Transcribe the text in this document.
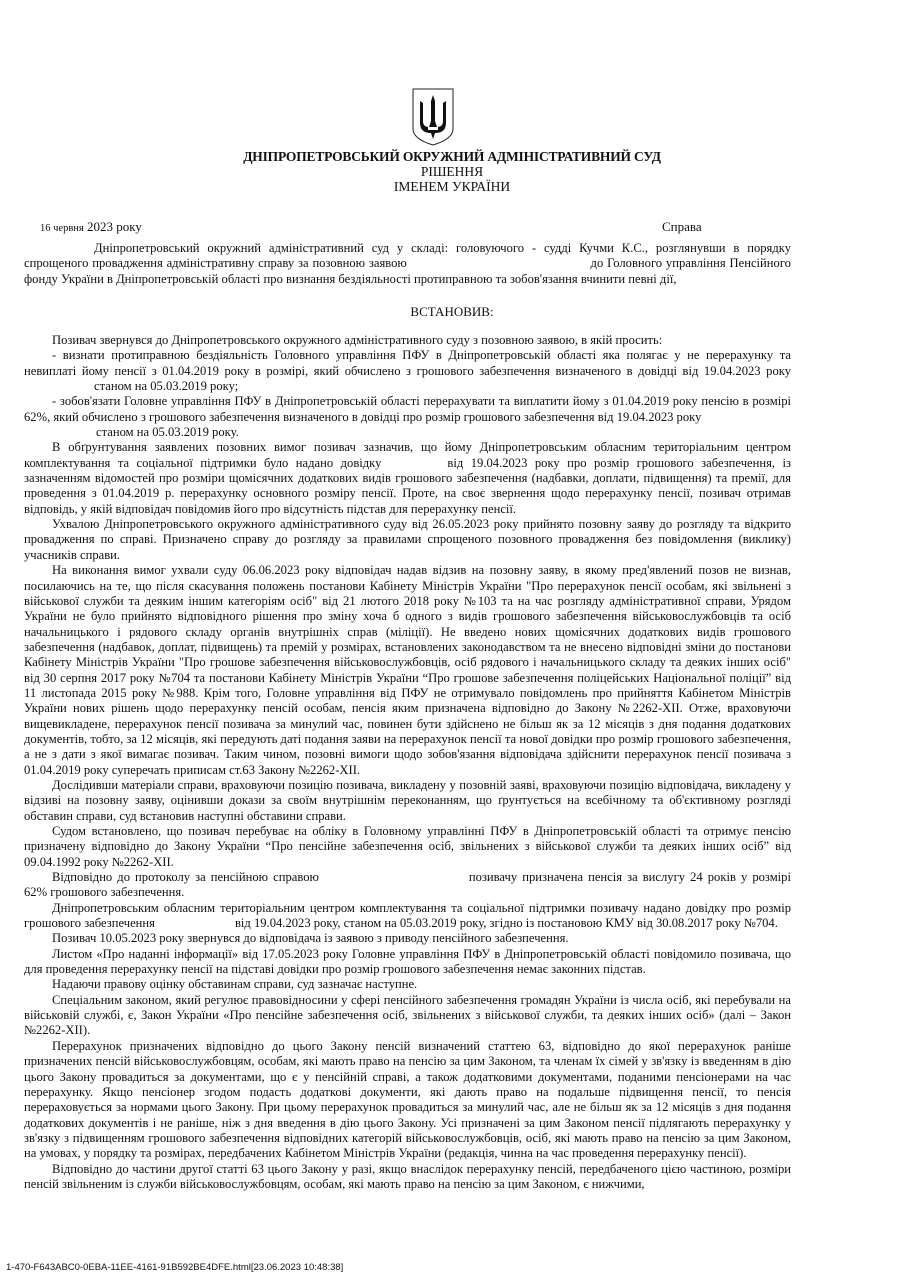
ДНІПРОПЕТРОВСЬКИЙ ОКРУЖНИЙ АДМІНІСТРАТИВНИЙ СУД
РІШЕННЯ
ІМЕНЕМ УКРАЇНИ
16 червня 2023 року	Справа

Дніпропетровський окружний адміністративний суд у складі: головуючого - судді Кучми К.С., розглянувши в порядку спрощеного провадження адміністративну справу за позовною заявою	до Головного управління Пенсійного фонду України в Дніпропетровській області про визнання бездіяльності протиправною та зобов'язання вчинити певні дії,

ВСТАНОВИВ:

Позивач звернувся до Дніпропетровського окружного адміністративного суду з позовною заявою, в якій просить:

- визнати протиправною бездіяльність Головного управління ПФУ в Дніпропетровській області яка полягає у не перерахунку та невиплаті йому пенсії з 01.04.2019 року в розмірі, який обчислено з грошового забезпечення визначеного в довідці від 19.04.2023 рокустаном на 05.03.2019 року;

- зобов'язати Головне управління ПФУ в Дніпропетровській області перерахувати та виплатити йому з 01.04.2019 року пенсію в розмірі 62%, який обчислено з грошового забезпечення визначеного в довідці про розмір грошового забезпечення від 19.04.2023 року
станом на 05.03.2019 року.

В обґрунтування заявлених позовних вимог позивач зазначив, що йому Дніпропетровським обласним територіальним центром комплектування та соціальної підтримки було надано довідку	від 19.04.2023 року про розмір грошового забезпечення, із зазначенням відомостей про розміри щомісячних додаткових видів грошового забезпечення (надбавки, доплати, підвищення) та премії, для проведення з 01.04.2019 р. перерахунку основного розміру пенсії. Проте, на своє звернення щодо перерахунку пенсії, позивач отримав відповідь, у якій відповідач повідомив його про відсутність підстав для перерахунку пенсії.

Ухвалою Дніпропетровського окружного адміністративного суду від 26.05.2023 року прийнято позовну заяву до розгляду та відкрито провадження по справі. Призначено справу до розгляду за правилами спрощеного позовного провадження без повідомлення (виклику) учасників справи.

На виконання вимог ухвали суду 06.06.2023 року відповідач надав відзив на позовну заяву, в якому пред'явлений позов не визнав, посилаючись на те, що після скасування положень постанови Кабінету Міністрів України "Про перерахунок пенсії особам, які звільнені з військової служби та деяким іншим категоріям осіб" від 21 лютого 2018 року №103 та на час розгляду адміністративної справи, Урядом України не було прийнято відповідного рішення про зміну хоча б одного з видів грошового забезпечення військовослужбовців та осіб начальницького і рядового складу органів внутрішніх справ (міліції). Не введено нових щомісячних додаткових видів грошового забезпечення (надбавок, доплат, підвищень) та премій у розмірах, встановлених законодавством та не внесено відповідні зміни до постанови Кабінету Міністрів України "Про грошове забезпечення військовослужбовців, осіб рядового і начальницького складу та деяких інших осіб" від 30 серпня 2017 року №704 та постанови Кабінету Міністрів України “Про грошове забезпечення поліцейських Національної поліції” від 11 листопада 2015 року №988. Крім того, Головне управління від ПФУ не отримувало повідомлень про прийняття Кабінетом Міністрів України нових рішень щодо перерахунку пенсій особам, пенсія яким призначена відповідно до Закону №2262-ХІІ. Отже, враховуючи вищевикладене, перерахунок пенсії позивача за минулий час, повинен бути здійснено не більш як за 12 місяців з дня подання додаткових документів, тобто, за 12 місяців, які передують даті подання заяви на перерахунок пенсії та нової довідки про розмір грошового забезпечення, а не з дати з якої вимагає позивач. Таким чином, позовні вимоги щодо зобов'язання відповідача здійснити перерахунок пенсії позивача з 01.04.2019 року суперечать приписам ст.63 Закону №2262-ХІІ.

Дослідивши матеріали справи, враховуючи позицію позивача, викладену у позовній заяві, враховуючи позицію відповідача, викладену у відзиві на позовну заяву, оцінивши докази за своїм внутрішнім переконанням, що ґрунтується на всебічному та об'єктивному розгляді обставин справи, суд встановив наступні обставини справи.

Судом встановлено, що позивач перебуває на обліку в Головному управлінні ПФУ в Дніпропетровській області та отримує пенсію призначену відповідно до Закону України “Про пенсійне забезпечення осіб, звільнених з військової служби та деяких інших осіб” від 09.04.1992 року №2262-ХІІ.

Відповідно до протоколу за пенсійною справою	позивачу призначена пенсія за вислугу 24 років у розмірі 62% грошового забезпечення.

Дніпропетровським обласним територіальним центром комплектування та соціальної підтримки позивачу надано довідку про розмір грошового забезпечення	від 19.04.2023 року, станом на 05.03.2019 року, згідно із постановою КМУ від 30.08.2017 року №704.

Позивач 10.05.2023 року звернувся до відповідача із заявою з приводу пенсійного забезпечення.

Листом «Про наданні інформації» від 17.05.2023 року Головне управління ПФУ в Дніпропетровській області повідомило позивача, що для проведення перерахунку пенсії на підставі довідки про розмір грошового забезпечення немає законних підстав.

Надаючи правову оцінку обставинам справи, суд зазначає наступне.

Спеціальним законом, який регулює правовідносини у сфері пенсійного забезпечення громадян України із числа осіб, які перебували на військовій службі, є, Закон України «Про пенсійне забезпечення осіб, звільнених з військової служби, та деяких інших осіб» (далі – Закон №2262-ХІІ).

Перерахунок призначених відповідно до цього Закону пенсій визначений статтею 63, відповідно до якої перерахунок раніше призначених пенсій військовослужбовцям, особам, які мають право на пенсію за цим Законом, та членам їх сімей у зв'язку із введенням в дію цього Закону провадиться за документами, що є у пенсійній справі, а також додатковими документами, поданими пенсіонерами на час перерахунку. Якщо пенсіонер згодом подасть додаткові документи, які дають право на подальше підвищення пенсії, то пенсія перераховується за нормами цього Закону. При цьому перерахунок провадиться за минулий час, але не більш як за 12 місяців з дня подання додаткових документів і не раніше, ніж з дня введення в дію цього Закону. Усі призначені за цим Законом пенсії підлягають перерахунку у зв'язку з підвищенням грошового забезпечення відповідних категорій військовослужбовців, осіб, які мають право на пенсію за цим Законом, на умовах, у порядку та розмірах, передбачених Кабінетом Міністрів України (редакція, чинна на час проведення перерахунку пенсії).

Відповідно до частини другої статті 63 цього Закону у разі, якщо внаслідок перерахунку пенсій, передбаченого цією частиною, розміри пенсій звільненим із служби військовослужбовцям, особам, які мають право на пенсію за цим Законом, є нижчими,

1-470-F643ABC0-0EBA-11EE-4161-91B592BE4DFE.html[23.06.2023 10:48:38]
